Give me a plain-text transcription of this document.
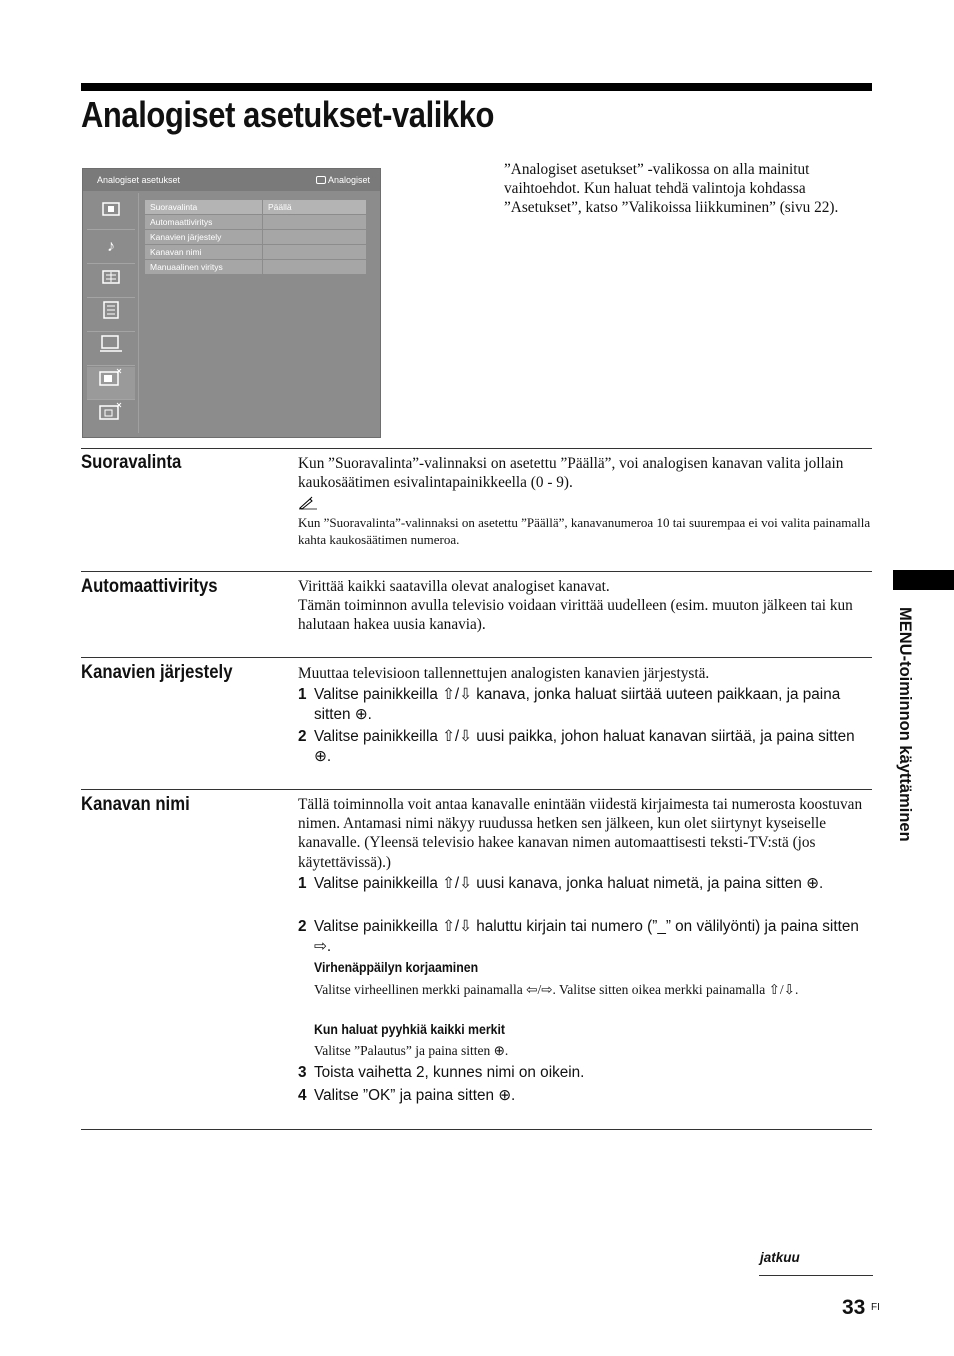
Analogiset asetukset-valikko
Analogiset asetukset	Analogiset
♪
Suoravalinta	Päällä
Automaattiviritys
Kanavien järjestely
Kanavan nimi
Manuaalinen viritys
”Analogiset asetukset” -valikossa on alla mainitut vaihtoehdot. Kun haluat tehdä valintoja kohdassa ”Asetukset”, katso ”Valikoissa liikkuminen” (sivu 22).
Suoravalinta	Kun ”Suoravalinta”-valinnaksi on asetettu ”Päällä”, voi analogisen kanavan valita jollain kaukosäätimen esivalintapainikkeella (0 - 9).
Kun ”Suoravalinta”-valinnaksi on asetettu ”Päällä”, kanavanumeroa 10 tai suurempaa ei voi valita painamalla kahta kaukosäätimen numeroa.
Automaattiviritys	Virittää kaikki saatavilla olevat analogiset kanavat.
Tämän toiminnon avulla televisio voidaan virittää uudelleen (esim. muuton jälkeen tai kun halutaan hakea uusia kanavia).
Kanavien järjestely	Muuttaa televisioon tallennettujen analogisten kanavien järjestystä.
1 Valitse painikkeilla ⇧/⇩ kanava, jonka haluat siirtää uuteen paikkaan, ja paina sitten ⊕.
2 Valitse painikkeilla ⇧/⇩ uusi paikka, johon haluat kanavan siirtää, ja paina sitten ⊕.
Kanavan nimi	Tällä toiminnolla voit antaa kanavalle enintään viidestä kirjaimesta tai numerosta koostuvan nimen. Antamasi nimi näkyy ruudussa hetken sen jälkeen, kun olet siirtynyt kyseiselle kanavalle. (Yleensä televisio hakee kanavan nimen automaattisesti teksti-TV:stä (jos käytettävissä).)
1 Valitse painikkeilla ⇧/⇩ uusi kanava, jonka haluat nimetä, ja paina sitten ⊕.
2 Valitse painikkeilla ⇧/⇩ haluttu kirjain tai numero (”_” on välilyönti) ja paina sitten ⇨.
Virhenäppäilyn korjaaminen
Valitse virheellinen merkki painamalla ⇦/⇨. Valitse sitten oikea merkki painamalla ⇧/⇩.
Kun haluat pyyhkiä kaikki merkit
Valitse ”Palautus” ja paina sitten ⊕.
3 Toista vaihetta 2, kunnes nimi on oikein.
4 Valitse ”OK” ja paina sitten ⊕.
MENU-toiminnon käyttäminen
jatkuu
33 FI
